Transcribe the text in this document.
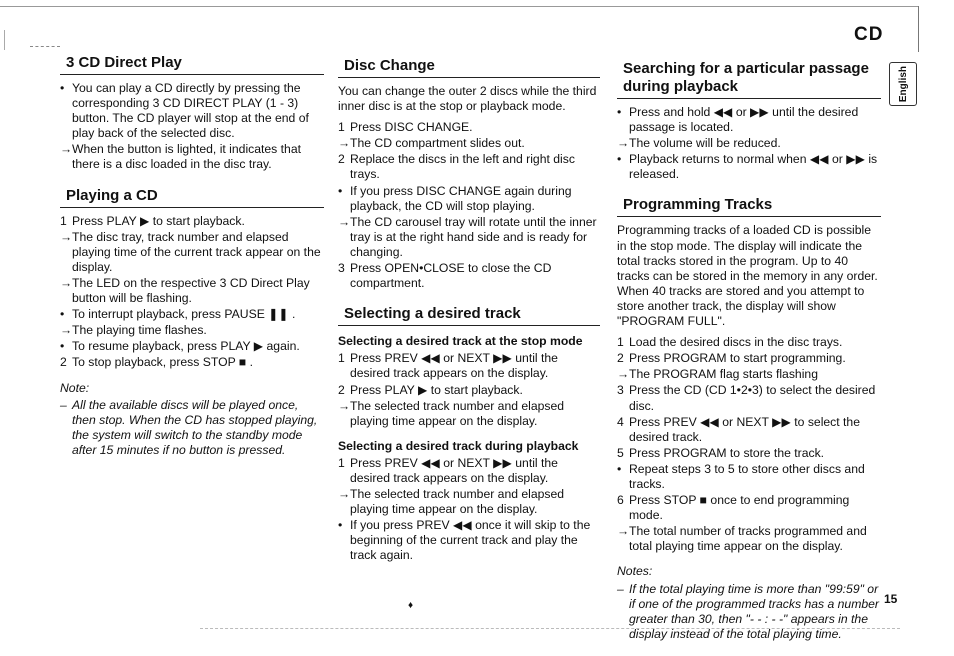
CD
English
3 CD Direct Play
• You can play a CD directly by pressing the corresponding 3 CD DIRECT PLAY (1 - 3) button. The CD player will stop at the end of play back of the selected disc.
→ When the button is lighted, it indicates that there is a disc loaded in the disc tray.
Playing a CD
1 Press PLAY ▶ to start playback.
→ The disc tray, track number and elapsed playing time of the current track appear on the display.
→ The LED on the respective 3 CD Direct Play button will be flashing.
• To interrupt playback, press PAUSE ❚❚ .
→ The playing time flashes.
• To resume playback, press PLAY ▶ again.
2 To stop playback, press STOP ■ .
Note:
– All the available discs will be played once, then stop. When the CD has stopped playing, the system will switch to the standby mode after 15 minutes if no button is pressed.
Disc Change

You can change the outer 2 discs while the third inner disc is at the stop or playback mode.

1 Press DISC CHANGE.
→ The CD compartment slides out.
2 Replace the discs in the left and right disc trays.
• If you press DISC CHANGE again during playback, the CD will stop playing.
→ The CD carousel tray will rotate until the inner tray is at the right hand side and is ready for changing.
3 Press OPEN•CLOSE to close the CD compartment.
Selecting a desired track
Selecting a desired track at the stop mode
1 Press PREV ◀◀ or NEXT ▶▶ until the desired track appears on the display.
2 Press PLAY ▶ to start playback.
→ The selected track number and elapsed playing time appear on the display.
Selecting a desired track during playback
1 Press PREV ◀◀ or NEXT ▶▶ until the desired track appears on the display.
→ The selected track number and elapsed playing time appear on the display.
• If you press PREV ◀◀ once it will skip to the beginning of the current track and play the track again.
Searching for a particular passage during playback
• Press and hold ◀◀ or ▶▶ until the desired passage is located.
→ The volume will be reduced.
• Playback returns to normal when ◀◀ or ▶▶ is released.
Programming Tracks

Programming tracks of a loaded CD is possible in the stop mode. The display will indicate the total tracks stored in the program. Up to 40 tracks can be stored in the memory in any order. When 40 tracks are stored and you attempt to store another track, the display will show "PROGRAM FULL".

1 Load the desired discs in the disc trays.
2 Press PROGRAM to start programming.
→ The PROGRAM flag starts flashing
3 Press the CD (CD 1•2•3) to select the desired disc.
4 Press PREV ◀◀ or NEXT ▶▶ to select the desired track.
5 Press PROGRAM to store the track.
• Repeat steps 3 to 5 to store other discs and tracks.
6 Press STOP ■ once to end programming mode.
→ The total number of tracks programmed and total playing time appear on the display.
Notes:
– If the total playing time is more than "99:59" or if one of the programmed tracks has a number greater than 30, then "- - : - -" appears in the display instead of the total playing time.
♦	15
